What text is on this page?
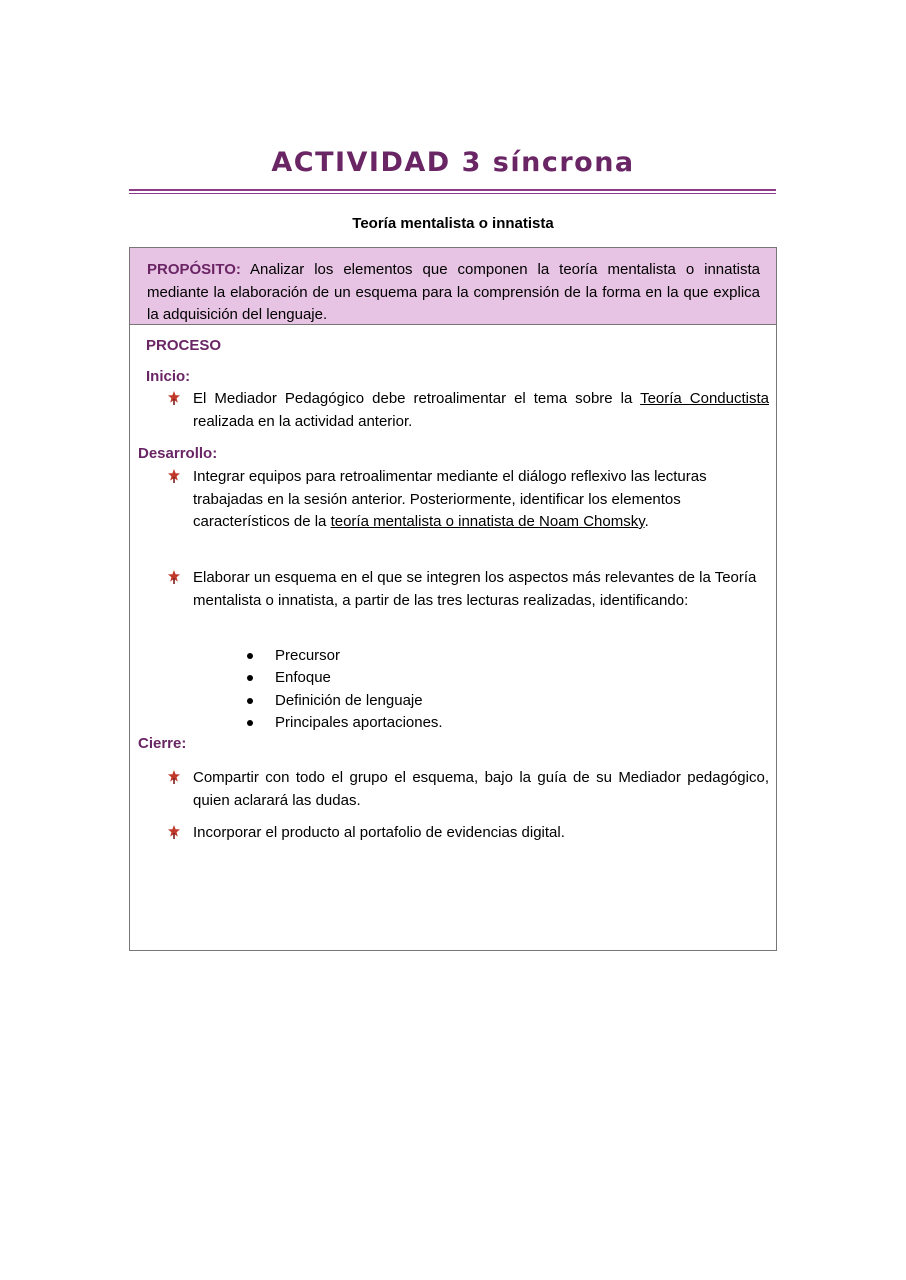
ACTIVIDAD 3 síncrona
Teoría mentalista o innatista
PROPÓSITO: Analizar los elementos que componen la teoría mentalista o innatista mediante la elaboración de un esquema para la comprensión de la forma en la que explica la adquisición del lenguaje.
PROCESO
Inicio:
El Mediador Pedagógico debe retroalimentar el tema sobre la Teoría Conductista realizada en la actividad anterior.
Desarrollo:
Integrar equipos para retroalimentar mediante el diálogo reflexivo las lecturas trabajadas en la sesión anterior. Posteriormente, identificar los elementos característicos de la teoría mentalista o innatista de Noam Chomsky.
Elaborar un esquema en el que se integren los aspectos más relevantes de la Teoría mentalista o innatista, a partir de las tres lecturas realizadas, identificando:
Precursor
Enfoque
Definición de lenguaje
Principales aportaciones.
Cierre:
Compartir con todo el grupo el esquema, bajo la guía de su Mediador pedagógico, quien aclarará las dudas.
Incorporar el producto al portafolio de evidencias digital.
